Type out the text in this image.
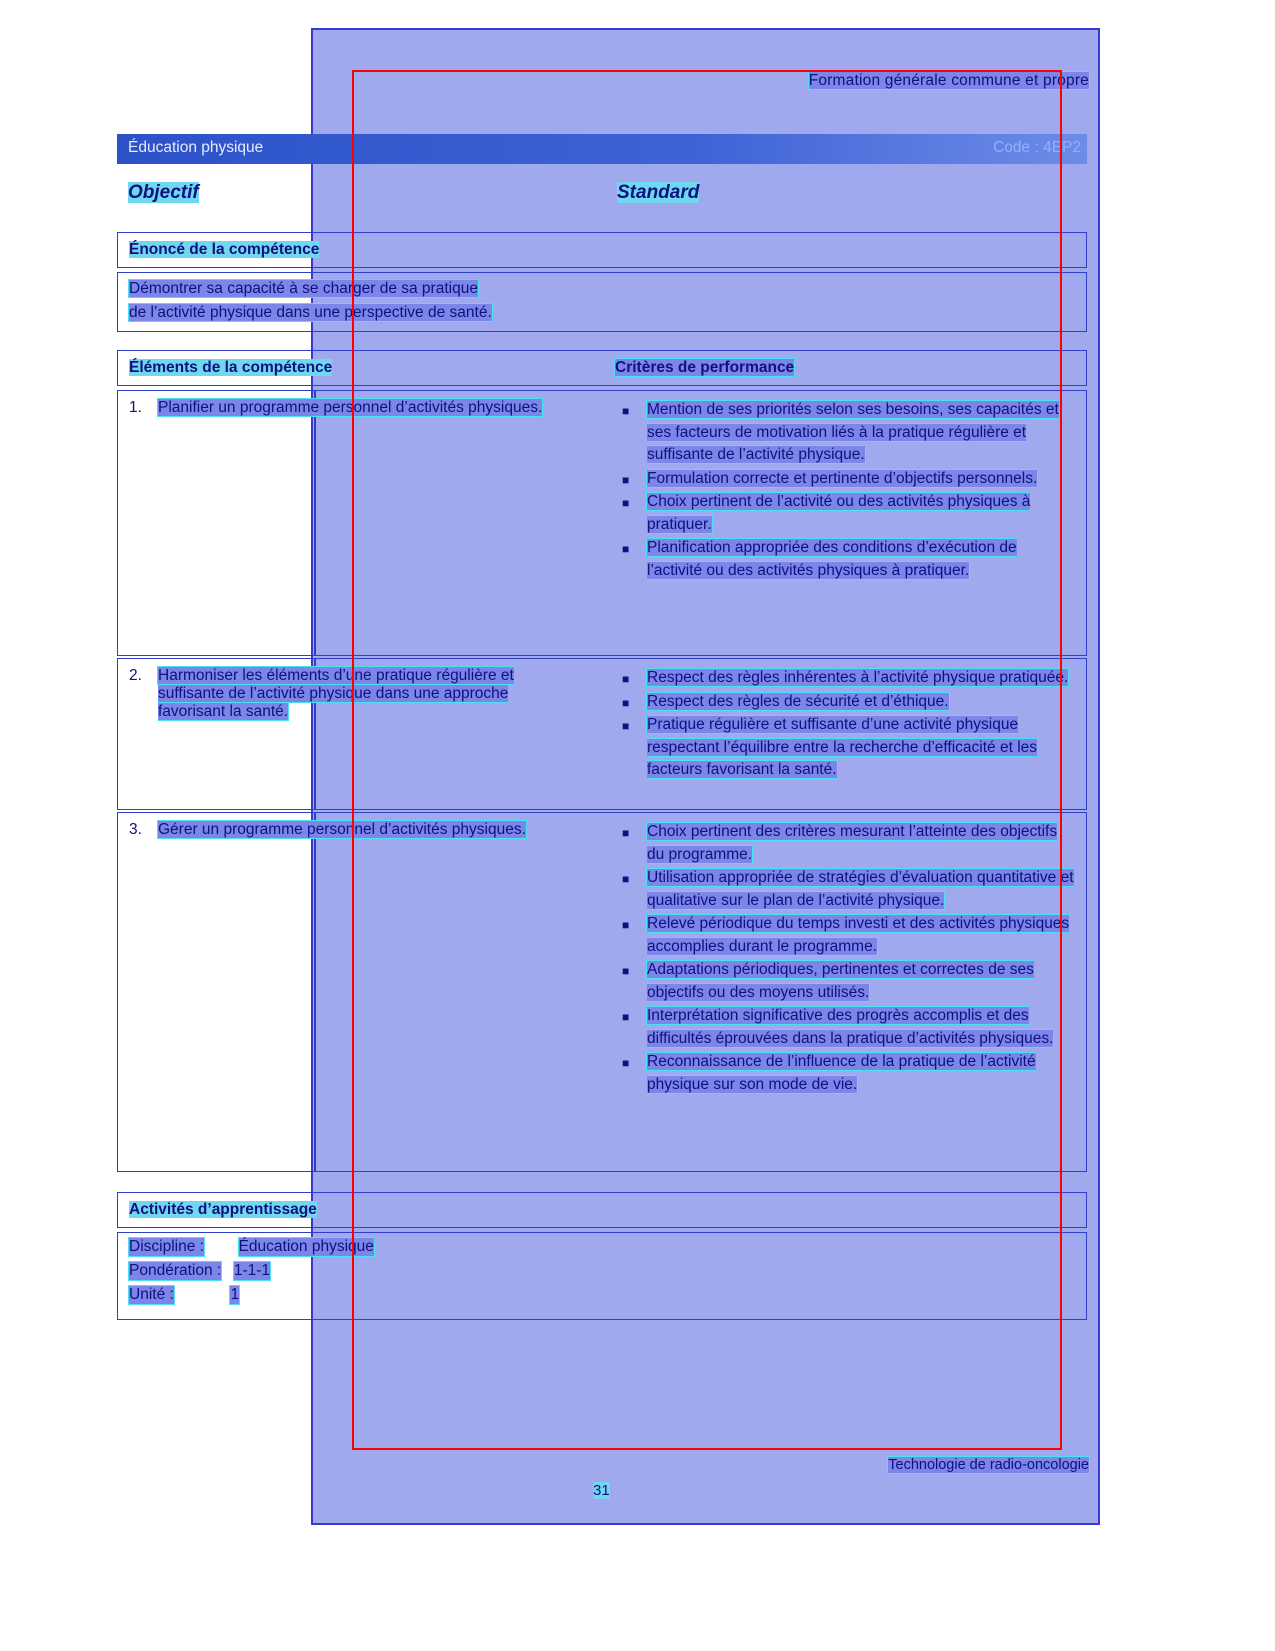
Formation générale commune et propre
Éducation physique	Code : 4EP2
Objectif	Standard
Énoncé de la compétence
Démontrer sa capacité à se charger de sa pratique
de l’activité physique dans une perspective de santé.
Éléments de la compétence	Critères de performance
1. Planifier un programme personnel d’activités physiques.	■ Mention de ses priorités selon ses besoins, ses capacités et ses facteurs de motivation liés à la pratique régulière et suffisante de l’activité physique.
■ Formulation correcte et pertinente d’objectifs personnels.
■ Choix pertinent de l’activité ou des activités physiques à pratiquer.
■ Planification appropriée des conditions d’exécution de l’activité ou des activités physiques à pratiquer.
2. Harmoniser les éléments d’une pratique régulière et suffisante de l’activité physique dans une approche favorisant la santé.
■ Respect des règles inhérentes à l’activité physique pratiquée.
■ Respect des règles de sécurité et d’éthique.
■ Pratique régulière et suffisante d’une activité physique respectant l’équilibre entre la recherche d’efficacité et les facteurs favorisant la santé.
3. Gérer un programme personnel d’activités physiques.	■ Choix pertinent des critères mesurant l’atteinte des objectifs du programme.
■ Utilisation appropriée de stratégies d’évaluation quantitative et qualitative sur le plan de l’activité physique.
■ Relevé périodique du temps investi et des activités physiques accomplies durant le programme.
■ Adaptations périodiques, pertinentes et correctes de ses objectifs ou des moyens utilisés.
■ Interprétation significative des progrès accomplis et des difficultés éprouvées dans la pratique d’activités physiques.
■ Reconnaissance de l’influence de la pratique de l’activité physique sur son mode de vie.
Activités d’apprentissage
Discipline : Éducation physique
Pondération : 1-1-1
Unité :	1
Technologie de radio-oncologie
31
